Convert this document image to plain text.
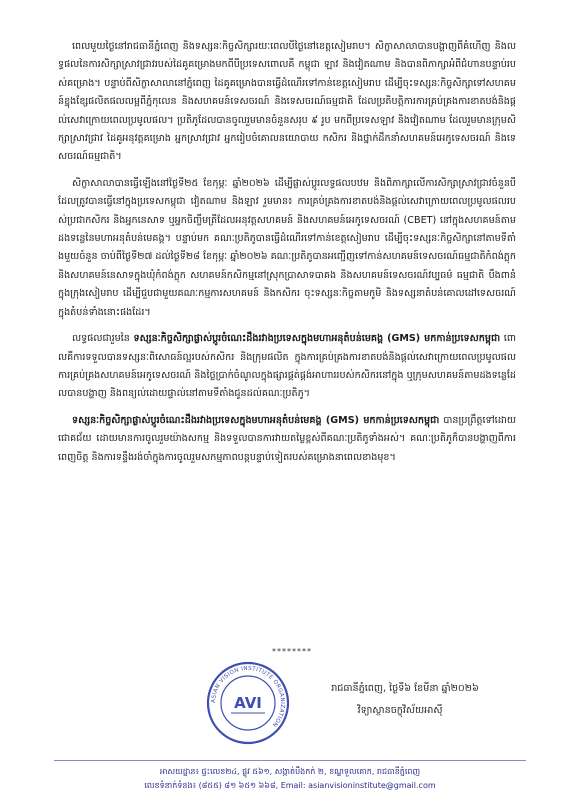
ពេលមួយថ្ងៃនៅរាជធានីភ្នំពេញ និងទស្សនៈកិច្ចសិក្សារយៈពេលបីថ្ងៃនៅខេត្តសៀមរាប។ សិក្ខាសាលាបានបង្ហាញពីគំហើញ និងលទ្ធផលនៃការសិក្សាស្រាវជ្រាវរបស់ដៃគូគម្រោងមកពីបីប្រទេសពោលគឺ កម្ពុជា ឡាវ និងវៀតណាម និងបានពិភាក្សាអំពីជំហានបន្ទាប់របស់គម្រោង។ បន្ទាប់ពីសិក្ខាសាលានៅភ្នំពេញ ដៃគូគម្រោងបានធ្វើដំណើរទៅកាន់ខេត្តសៀមរាប ដើម្បីចុះទស្សនៈកិច្ចសិក្សាទៅសហគមន៍ខ្នុងខ្សែផលិតផលលម្អពីភ្នំកុលេន និងសហគមន៍ទេសចរណ៍ និងទេសចរណ៍ធម្មជាតិ ដែលប្រតិបត្តិការការគ្រប់គ្រងការខាតបង់និងផ្តល់សេវាក្រោយពេលប្រមូលផល។ ប្រតិភូដែលបានចូលរួមមានចំនួនសរុប ៩ រូប មកពីប្រទេសឡាវ និងវៀតណាម ដែលរួមមានក្រុមសិក្សាស្រាវជ្រាវ ដៃគូអនុវត្តគម្រោង អ្នកស្រាវជ្រាវ អ្នករៀបចំគោលនយោបាយ កសិករ និងថ្នាក់ដឹកនាំសហគមន៍អេកូទេសចរណ៍ និងទេសចរណ៍ធម្មជាតិ។

សិក្ខាសាលាបានធ្វើឡើងនៅថ្ងៃទី២៥ ខែកុម្ភៈ ឆ្នាំ២០២៦ ដើម្បីផ្លាស់ប្តូរលទ្ធផលបឋម និងពិភាក្សាលើការសិក្សាស្រាវជ្រាវចំនួនបី ដែលត្រូវបានធ្វើនៅក្នុងប្រទេសកម្ពុជា វៀតណាម និងឡាវ រួមមាន៖ ការគ្រប់គ្រងការខាតបង់និងផ្តល់សេវាក្រោយពេលប្រមូលផលរបស់ប្រជាកសិករ និងអ្នកនេសាទ ឬអ្នកចិញ្ចឹមត្រីដែលអនុវត្តសហគមន៍ និងសហគមន៍អេកូទេសចរណ៍ (CBET) នៅក្នុងសហគមន៍តាមដងទន្លេនៃមហាអនុតំបន់មេគង្គ។ បន្ទាប់មក គណៈប្រតិភូបានធ្វើដំណើរទៅកាន់ខេត្តសៀមរាប ដើម្បីចុះទស្សនៈកិច្ចសិក្សានៅតាមទីតាំងមួយចំនួន ចាប់ពីថ្ងៃទី២៧ ដល់ថ្ងៃទី២៨ ខែកុម្ភៈ ឆ្នាំ២០២៦ គណៈប្រតិភូបានអញ្ជើញទៅកាន់សហគមន៍ទេសចរណ៍ធម្មជាតិកំពង់ភ្លុក និងសហគមន៍នេសាទក្នុងឃុំកំពង់ភ្លុក សហគមន៍កសិកម្មនៅស្រុកប្រាសាទបាគង និងសហគមន៍ទេសចរណ៍វប្បធម៌ ធម្មជាតិ បឹងពានំ ក្នុងក្រុងសៀមរាប ដើម្បីជួបជាមួយគណៈកម្មការសហគមន៍ និងកសិករ ចុះទស្សនៈកិច្ចតាមកូមិ និងទស្សនាតំបន់គោលដៅទេសចរណ៍ក្នុងតំបន់ទាំងនោះផងដែរ។

លទ្ធផលជារួមនៃ ទស្សនៈកិច្ចសិក្សាផ្លាស់ប្តូរចំណេះដឹងរវាងប្រទេសក្នុងមហាអនុតំបន់មេគង្គ (GMS) មកកាន់ប្រទេសកម្ពុជា ពោលគឺការទទួលបានទស្សនៈពិសោធន៍ល្អរបស់កសិករ និងក្រុមផលិត ក្នុងការគ្រប់គ្រងការខាតបង់និងផ្តល់សេវាក្រោយពេលប្រមូលផល ការគ្រប់គ្រងសហគមន៍អេកូទេសចរណ៍ និងថ្លៃប្រាក់ចំណូលក្នុងផ្សារផ្គត់ផ្គង់អាហាររបស់កសិករនៅក្នុង ឬក្រុមសហគមន៍តាមដងទន្លេដែលបានបង្ហាញ និងពន្យល់ដោយផ្ទាល់នៅតាមទីតាំងជូនដល់គណៈប្រតិភូ។

ទស្សនៈកិច្ចសិក្សាផ្លាស់ប្តូរចំណេះដឹងរវាងប្រទេសក្នុងមហាអនុតំបន់មេគង្គ (GMS) មកកាន់ប្រទេសកម្ពុជា បានប្រព្រឹត្តទៅដោយជោគជ័យ ដោយមានការចូលរួមយ៉ាងសកម្ម និងទទួលបានការវាយតម្លៃខ្ពស់ពីគណៈប្រតិភូទាំងអស់។ គណៈប្រតិភូក៏បានបង្ហាញពីការពេញចិត្ត និងការទន្ទឹងរង់ចាំក្នុងការចូលរួមសកម្មភាពបន្តបន្ទាប់ទៀតរបស់គម្រោងនាពេលខាងមុខ។

********
ASIAN VISION INSTITUTE ORGANIZATION
AVI
រាជធានីភ្នំពេញ, ថ្ងៃទី៦ ខែមីនា ឆ្នាំ២០២៦
វិទ្យាស្ថានចក្ខុវិស័យអាស៊ី
អាសយដ្ឋាន៖ ផ្ទះលេខ២៤, ផ្លូវ ៥៦១, សង្កាត់បឹងកក់ ២, ខណ្ឌទួលគោក, រាជធានីភ្នំពេញ
លេខទំនាក់ទំនង៖ (៨៥៥) ៨១ ៦៥១ ៦៦៨, Email: asianvisioninstitute@gmail.com
